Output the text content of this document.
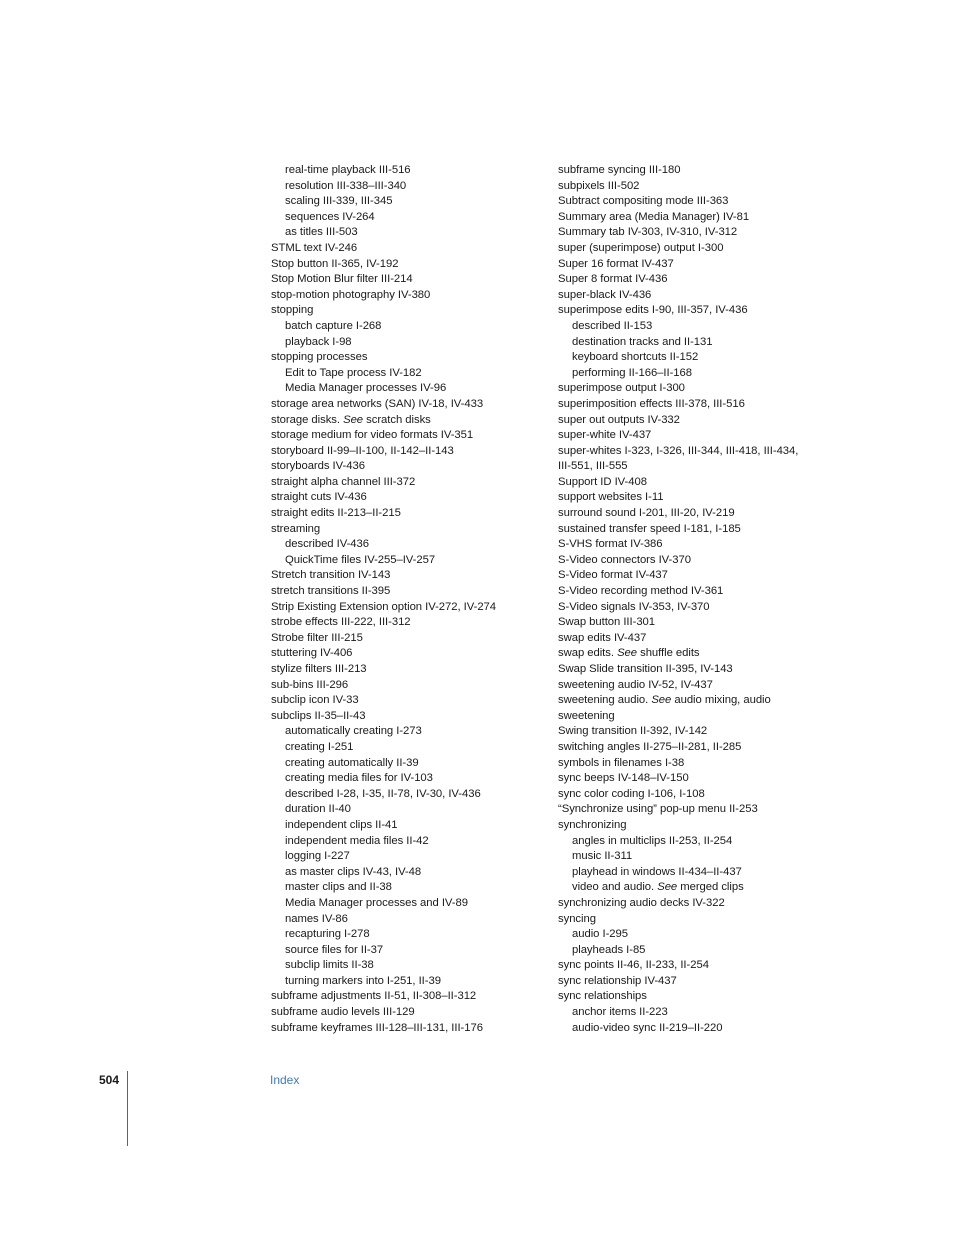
real-time playback III-516
resolution III-338–III-340
scaling III-339, III-345
sequences IV-264
as titles III-503
STML text IV-246
Stop button II-365, IV-192
Stop Motion Blur filter III-214
stop-motion photography IV-380
stopping
batch capture I-268
playback I-98
stopping processes
Edit to Tape process IV-182
Media Manager processes IV-96
storage area networks (SAN) IV-18, IV-433
storage disks. See scratch disks
storage medium for video formats IV-351
storyboard II-99–II-100, II-142–II-143
storyboards IV-436
straight alpha channel III-372
straight cuts IV-436
straight edits II-213–II-215
streaming
described IV-436
QuickTime files IV-255–IV-257
Stretch transition IV-143
stretch transitions II-395
Strip Existing Extension option IV-272, IV-274
strobe effects III-222, III-312
Strobe filter III-215
stuttering IV-406
stylize filters III-213
sub-bins III-296
subclip icon IV-33
subclips II-35–II-43
automatically creating I-273
creating I-251
creating automatically II-39
creating media files for IV-103
described I-28, I-35, II-78, IV-30, IV-436
duration II-40
independent clips II-41
independent media files II-42
logging I-227
as master clips IV-43, IV-48
master clips and II-38
Media Manager processes and IV-89
names IV-86
recapturing I-278
source files for II-37
subclip limits II-38
turning markers into I-251, II-39
subframe adjustments II-51, II-308–II-312
subframe audio levels III-129
subframe keyframes III-128–III-131, III-176
subframe syncing III-180
subpixels III-502
Subtract compositing mode III-363
Summary area (Media Manager) IV-81
Summary tab IV-303, IV-310, IV-312
super (superimpose) output I-300
Super 16 format IV-437
Super 8 format IV-436
super-black IV-436
superimpose edits I-90, III-357, IV-436
described II-153
destination tracks and II-131
keyboard shortcuts II-152
performing II-166–II-168
superimpose output I-300
superimposition effects III-378, III-516
super out outputs IV-332
super-white IV-437
super-whites I-323, I-326, III-344, III-418, III-434,
III-551, III-555
Support ID IV-408
support websites I-11
surround sound I-201, III-20, IV-219
sustained transfer speed I-181, I-185
S-VHS format IV-386
S-Video connectors IV-370
S-Video format IV-437
S-Video recording method IV-361
S-Video signals IV-353, IV-370
Swap button III-301
swap edits IV-437
swap edits. See shuffle edits
Swap Slide transition II-395, IV-143
sweetening audio IV-52, IV-437
sweetening audio. See audio mixing, audio
sweetening
Swing transition II-392, IV-142
switching angles II-275–II-281, II-285
symbols in filenames I-38
sync beeps IV-148–IV-150
sync color coding I-106, I-108
“Synchronize using” pop-up menu II-253
synchronizing
angles in multiclips II-253, II-254
music II-311
playhead in windows II-434–II-437
video and audio. See merged clips
synchronizing audio decks IV-322
syncing
audio I-295
playheads I-85
sync points II-46, II-233, II-254
sync relationship IV-437
sync relationships
anchor items II-223
audio-video sync II-219–II-220
504	Index
